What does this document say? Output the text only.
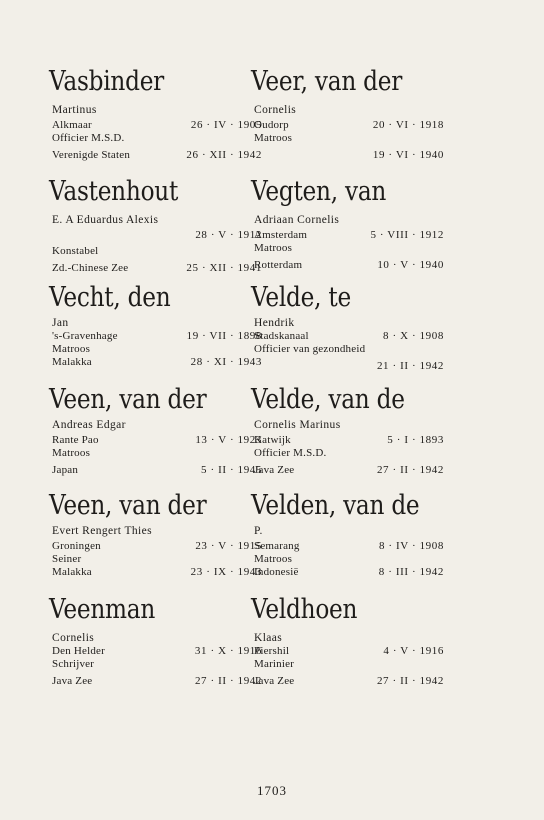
Vasbinder
Martinus
Alkmaar	26 · IV · 1905
Officier M.S.D.
Verenigde Staten	26 · XII · 1942
Vastenhout
E. A Eduardus Alexis
28 · V · 1912
Konstabel
Zd.-Chinese Zee	25 · XII · 1941
Vecht, den
Jan
's-Gravenhage	19 · VII · 1898
Matroos
Malakka	28 · XI · 1943
Veen, van der
Andreas Edgar
Rante Pao	13 · V · 1923
Matroos
Japan	5 · II · 1945
Veen, van der
Evert Rengert Thies
Groningen	23 · V · 1915
Seiner
Malakka	23 · IX · 1943
Veenman
Cornelis
Den Helder	31 · X · 1916
Schrijver
Java Zee	27 · II · 1942
Veer, van der
Cornelis
Oudorp	20 · VI · 1918
Matroos
19 · VI · 1940
Vegten, van
Adriaan Cornelis
Amsterdam	5 · VIII · 1912
Matroos
Rotterdam	10 · V · 1940
Velde, te
Hendrik
Stadskanaal	8 · X · 1908
Officier van gezondheid
21 · II · 1942
Velde, van de
Cornelis Marinus
Katwijk	5 · I · 1893
Officier M.S.D.
Java Zee	27 · II · 1942
Velden, van de
P.
Semarang	8 · IV · 1908
Matroos
Indonesië	8 · III · 1942
Veldhoen
Klaas
Piershil	4 · V · 1916
Marinier
Java Zee	27 · II · 1942
1703
